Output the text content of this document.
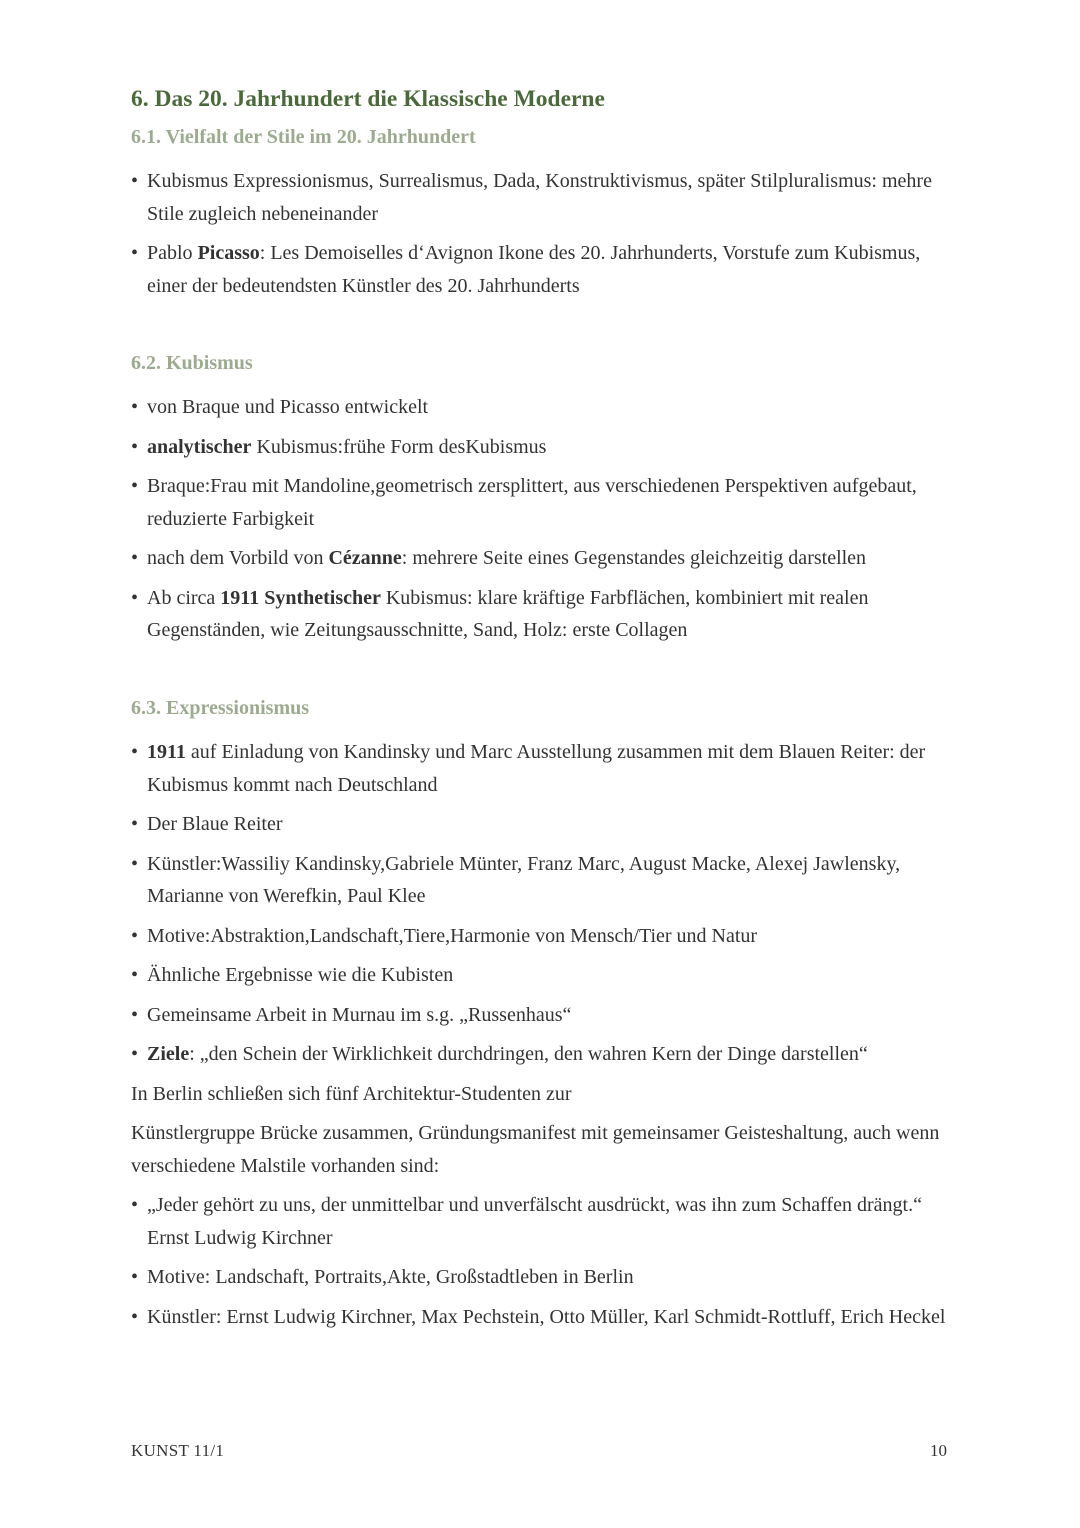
6. Das 20. Jahrhundert die Klassische Moderne
6.1. Vielfalt der Stile im 20. Jahrhundert
• Kubismus Expressionismus, Surrealismus, Dada, Konstruktivismus, später Stilpluralismus: mehre Stile zugleich nebeneinander
• Pablo Picasso: Les Demoiselles d‘Avignon Ikone des 20. Jahrhunderts, Vorstufe zum Kubismus, einer der bedeutendsten Künstler des 20. Jahrhunderts
6.2. Kubismus
• von Braque und Picasso entwickelt
• analytischer Kubismus:frühe Form desKubismus
• Braque:Frau mit Mandoline,geometrisch zersplittert, aus verschiedenen Perspektiven aufgebaut, reduzierte Farbigkeit
• nach dem Vorbild von Cézanne: mehrere Seite eines Gegenstandes gleichzeitig darstellen
• Ab circa 1911 Synthetischer Kubismus: klare kräftige Farbflächen, kombiniert mit realen Gegenständen, wie Zeitungsausschnitte, Sand, Holz: erste Collagen
6.3. Expressionismus
• 1911 auf Einladung von Kandinsky und Marc Ausstellung zusammen mit dem Blauen Reiter: der Kubismus kommt nach Deutschland
• Der Blaue Reiter
• Künstler:Wassiliy Kandinsky,Gabriele Münter, Franz Marc, August Macke, Alexej Jawlensky, Marianne von Werefkin, Paul Klee
• Motive:Abstraktion,Landschaft,Tiere,Harmonie von Mensch/Tier und Natur
• Ähnliche Ergebnisse wie die Kubisten
• Gemeinsame Arbeit in Murnau im s.g. „Russenhaus“
• Ziele: „den Schein der Wirklichkeit durchdringen, den wahren Kern der Dinge darstellen“
In Berlin schließen sich fünf Architektur-Studenten zur
Künstlergruppe Brücke zusammen, Gründungsmanifest mit gemeinsamer Geisteshaltung, auch wenn verschiedene Malstile vorhanden sind:
• „Jeder gehört zu uns, der unmittelbar und unverfälscht ausdrückt, was ihn zum Schaffen drängt.“ Ernst Ludwig Kirchner
• Motive: Landschaft, Portraits,Akte, Großstadtleben in Berlin
• Künstler: Ernst Ludwig Kirchner, Max Pechstein, Otto Müller, Karl Schmidt-Rottluff, Erich Heckel
KUNST 11/1	10
